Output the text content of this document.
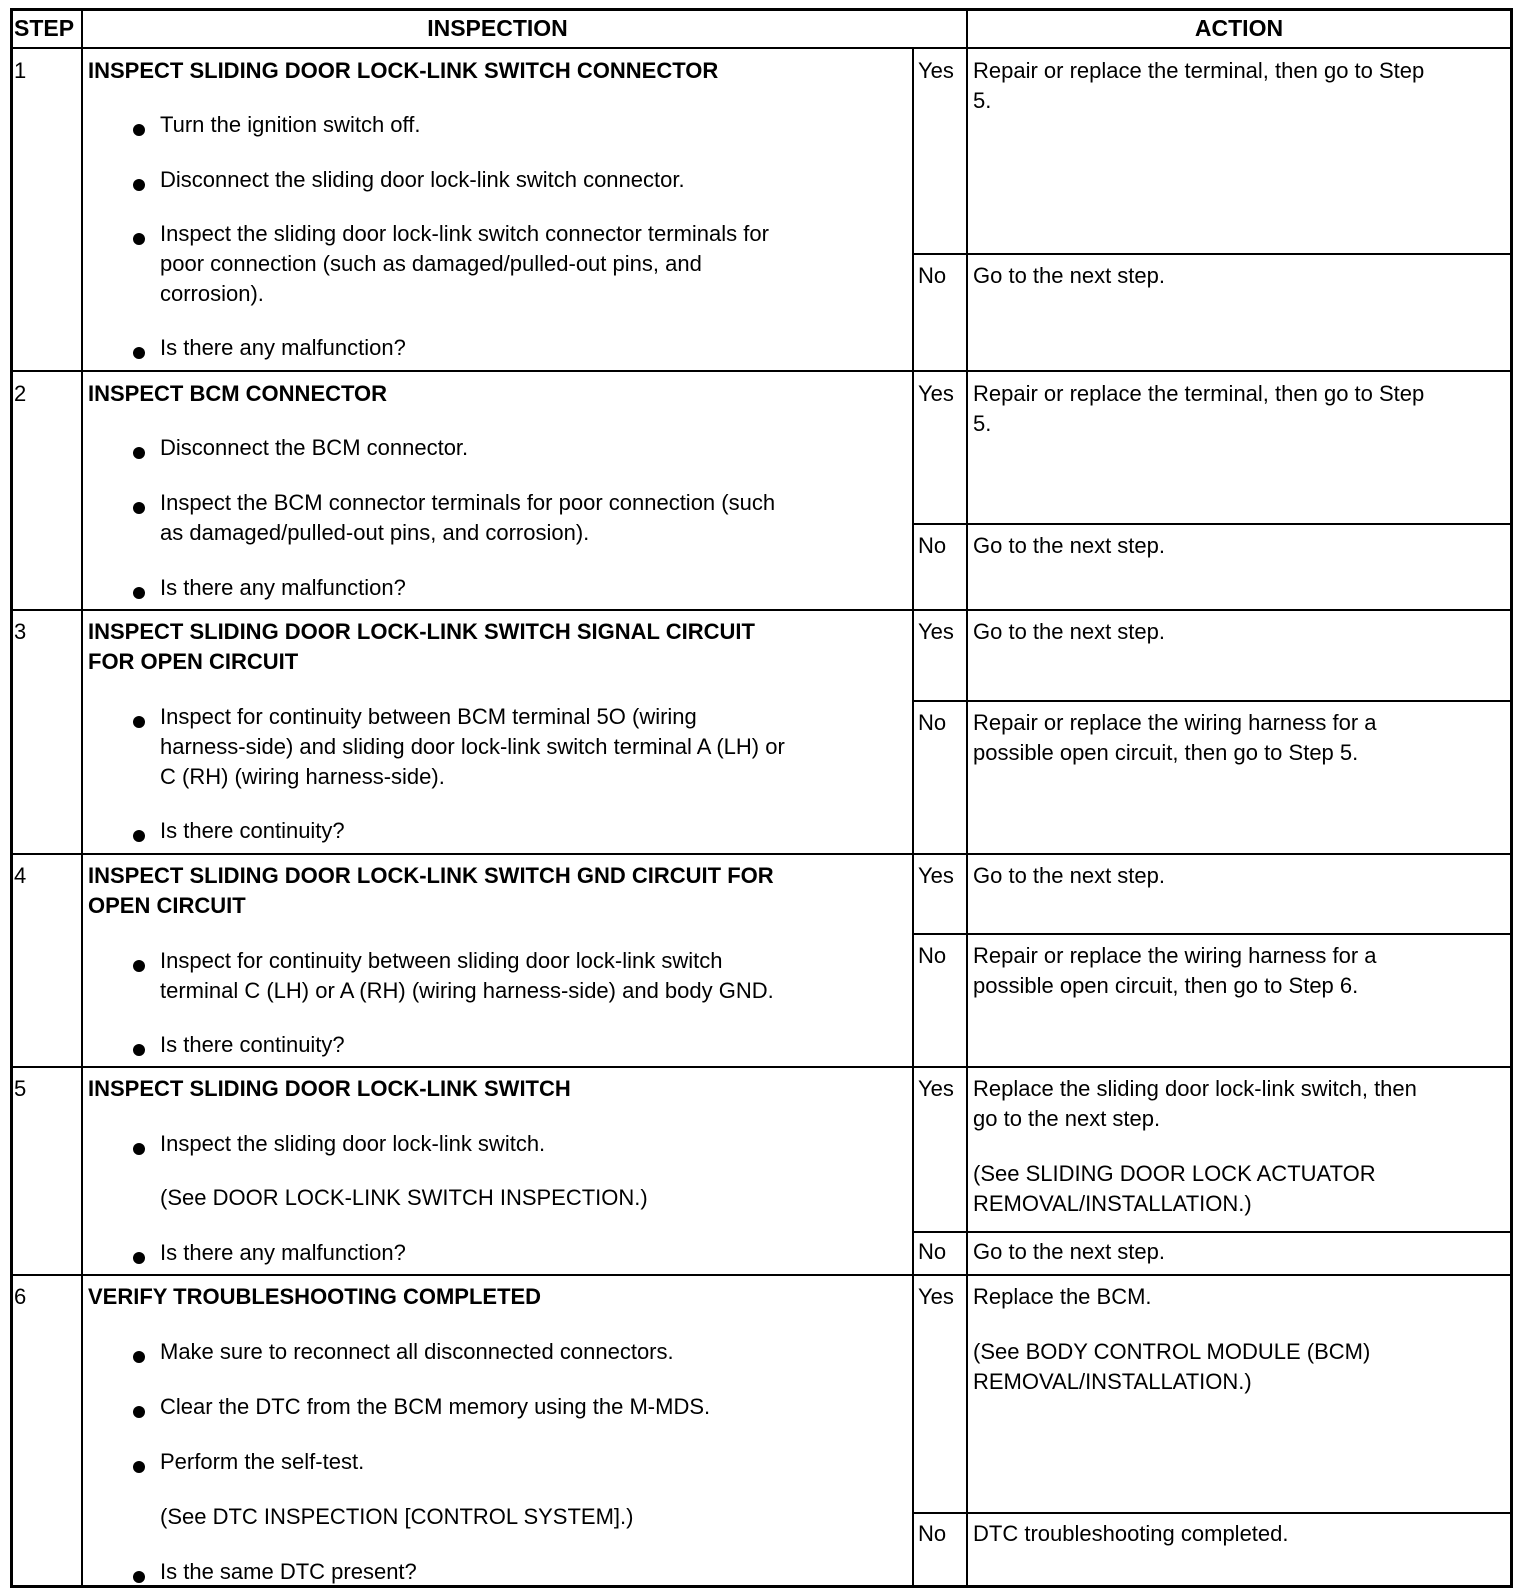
STEP	INSPECTION	ACTION
1	INSPECT SLIDING DOOR LOCK-LINK SWITCH CONNECTOR
Turn the ignition switch off.
Disconnect the sliding door lock-link switch connector.
Inspect the sliding door lock-link switch connector terminals for
poor connection (such as damaged/pulled-out pins, and
corrosion).
Is there any malfunction?
Yes Repair or replace the terminal, then go to Step
5.
No Go to the next step.
2	INSPECT BCM CONNECTOR
Disconnect the BCM connector.
Inspect the BCM connector terminals for poor connection (such
as damaged/pulled-out pins, and corrosion).
Is there any malfunction?
Yes Repair or replace the terminal, then go to Step
5.
No Go to the next step.
3	INSPECT SLIDING DOOR LOCK-LINK SWITCH SIGNAL CIRCUIT
FOR OPEN CIRCUIT
Inspect for continuity between BCM terminal 5O (wiring
harness-side) and sliding door lock-link switch terminal A (LH) or
C (RH) (wiring harness-side).
Is there continuity?
Yes Go to the next step.
No Repair or replace the wiring harness for a
possible open circuit, then go to Step 5.
4	INSPECT SLIDING DOOR LOCK-LINK SWITCH GND CIRCUIT FOR
OPEN CIRCUIT
Inspect for continuity between sliding door lock-link switch
terminal C (LH) or A (RH) (wiring harness-side) and body GND.
Is there continuity?
Yes Go to the next step.
No Repair or replace the wiring harness for a
possible open circuit, then go to Step 6.
5	INSPECT SLIDING DOOR LOCK-LINK SWITCH
Inspect the sliding door lock-link switch.
(See DOOR LOCK-LINK SWITCH INSPECTION.)
Is there any malfunction?
Yes Replace the sliding door lock-link switch, then
go to the next step.
(See SLIDING DOOR LOCK ACTUATOR
REMOVAL/INSTALLATION.)
No Go to the next step.
6	VERIFY TROUBLESHOOTING COMPLETED
Make sure to reconnect all disconnected connectors.
Clear the DTC from the BCM memory using the M-MDS.
Perform the self-test.
(See DTC INSPECTION [CONTROL SYSTEM].)
Is the same DTC present?
Yes Replace the BCM.
(See BODY CONTROL MODULE (BCM)
REMOVAL/INSTALLATION.)
No DTC troubleshooting completed.
